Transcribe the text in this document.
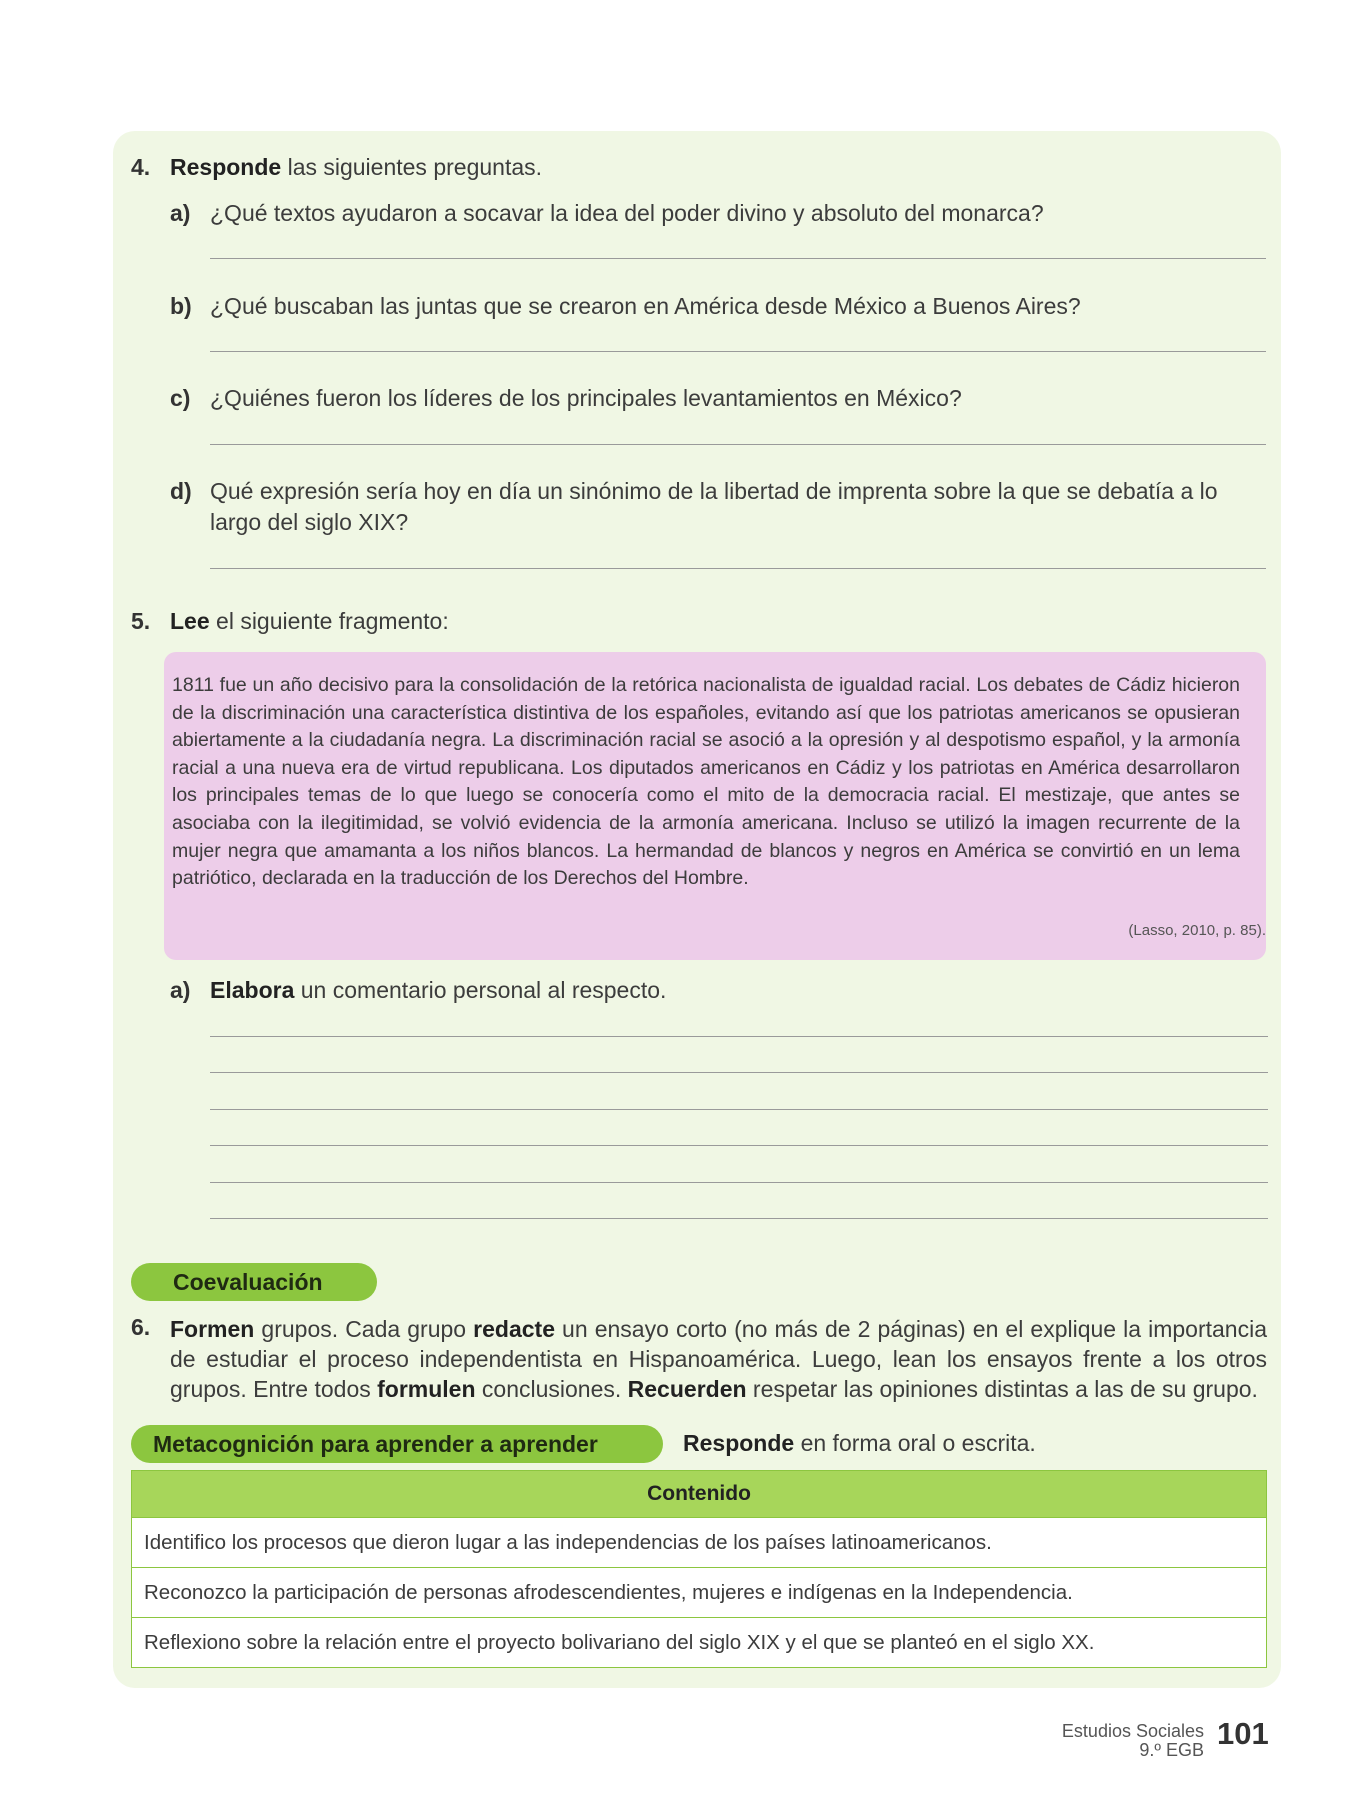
4. Responde las siguientes preguntas.
a) ¿Qué textos ayudaron a socavar la idea del poder divino y absoluto del monarca?
b) ¿Qué buscaban las juntas que se crearon en América desde México a Buenos Aires?
c) ¿Quiénes fueron los líderes de los principales levantamientos en México?
d) Qué expresión sería hoy en día un sinónimo de la libertad de imprenta sobre la que se debatía a lo largo del siglo XIX?
5. Lee el siguiente fragmento:
1811 fue un año decisivo para la consolidación de la retórica nacionalista de igualdad racial. Los debates de Cádiz hicieron de la discriminación una característica distintiva de los españoles, evitando así que los patriotas americanos se opusieran abiertamente a la ciudadanía negra. La discriminación racial se asoció a la opresión y al despotismo español, y la armonía racial a una nueva era de virtud republicana. Los diputados americanos en Cádiz y los patriotas en América desarrollaron los principales temas de lo que luego se conocería como el mito de la democracia racial. El mestizaje, que antes se asociaba con la ilegitimidad, se volvió evidencia de la armonía americana. Incluso se utilizó la imagen recurrente de la mujer negra que amamanta a los niños blancos. La hermandad de blancos y negros en América se convirtió en un lema patriótico, declarada en la traducción de los Derechos del Hombre.
(Lasso, 2010, p. 85).
a) Elabora un comentario personal al respecto.
Coevaluación
6. Formen grupos. Cada grupo redacte un ensayo corto (no más de 2 páginas) en el explique la importancia de estudiar el proceso independentista en Hispanoamérica. Luego, lean los ensayos frente a los otros grupos. Entre todos formulen conclusiones. Recuerden respetar las opiniones distintas a las de su grupo.
Metacognición para aprender a aprender	Responde en forma oral o escrita.
Contenido
Identifico los procesos que dieron lugar a las independencias de los países latinoamericanos.
Reconozco la participación de personas afrodescendientes, mujeres e indígenas en la Independencia.
Reflexiono sobre la relación entre el proyecto bolivariano del siglo XIX y el que se planteó en el siglo XX.
Estudios Sociales
9.º EGB 101
